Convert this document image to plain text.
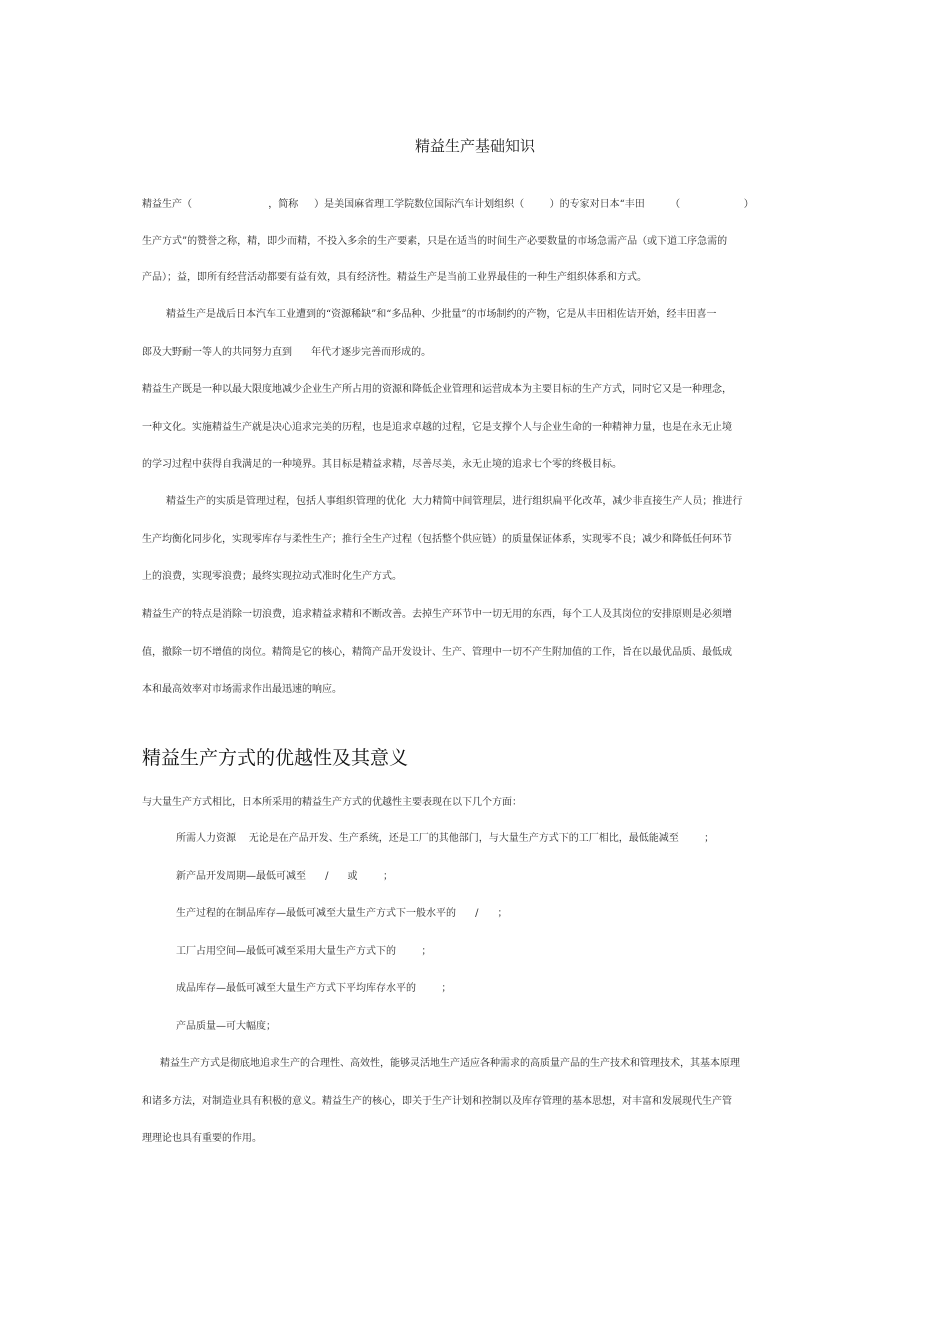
精益生产基础知识

精益生产（                        ，简称     ）是美国麻省理工学院数位国际汽车计划组织（        ）的专家对日本“丰田        （                    ）

生产方式”的赞誉之称，精，即少而精，不投入多余的生产要素，只是在适当的时间生产必要数量的市场急需产品（或下道工序急需的

产品）；益，即所有经营活动都要有益有效，具有经济性。精益生产是当前工业界最佳的一种生产组织体系和方式。

精益生产是战后日本汽车工业遭到的“资源稀缺”和“多品种、少批量”的市场制约的产物，它是从丰田相佐诘开始，经丰田喜一

郎及大野耐一等人的共同努力直到      年代才逐步完善而形成的。

精益生产既是一种以最大限度地减少企业生产所占用的资源和降低企业管理和运营成本为主要目标的生产方式，同时它又是一种理念，

一种文化。实施精益生产就是决心追求完美的历程，也是追求卓越的过程，它是支撑个人与企业生命的一种精神力量，也是在永无止境

的学习过程中获得自我满足的一种境界。其目标是精益求精，尽善尽美，永无止境的追求七个零的终极目标。

精益生产的实质是管理过程，包括人事组织管理的优化  大力精简中间管理层，进行组织扁平化改革，减少非直接生产人员；推进行

生产均衡化同步化，实现零库存与柔性生产；推行全生产过程（包括整个供应链）的质量保证体系，实现零不良；减少和降低任何环节

上的浪费，实现零浪费；最终实现拉动式准时化生产方式。

精益生产的特点是消除一切浪费，追求精益求精和不断改善。去掉生产环节中一切无用的东西，每个工人及其岗位的安排原则是必须增

值，撤除一切不增值的岗位。精简是它的核心，精简产品开发设计、生产、管理中一切不产生附加值的工作，旨在以最优品质、最低成

本和最高效率对市场需求作出最迅速的响应。

精益生产方式的优越性及其意义

与大量生产方式相比，日本所采用的精益生产方式的优越性主要表现在以下几个方面：

所需人力资源    无论是在产品开发、生产系统，还是工厂的其他部门，与大量生产方式下的工厂相比，最低能减至        ；

新产品开发周期—最低可减至      /      或        ；

生产过程的在制品库存—最低可减至大量生产方式下一般水平的      /      ；

工厂占用空间—最低可减至采用大量生产方式下的        ；

成品库存—最低可减至大量生产方式下平均库存水平的        ；

产品质量—可大幅度；

精益生产方式是彻底地追求生产的合理性、高效性，能够灵活地生产适应各种需求的高质量产品的生产技术和管理技术，其基本原理

和诸多方法，对制造业具有积极的意义。精益生产的核心，即关于生产计划和控制以及库存管理的基本思想，对丰富和发展现代生产管

理理论也具有重要的作用。
